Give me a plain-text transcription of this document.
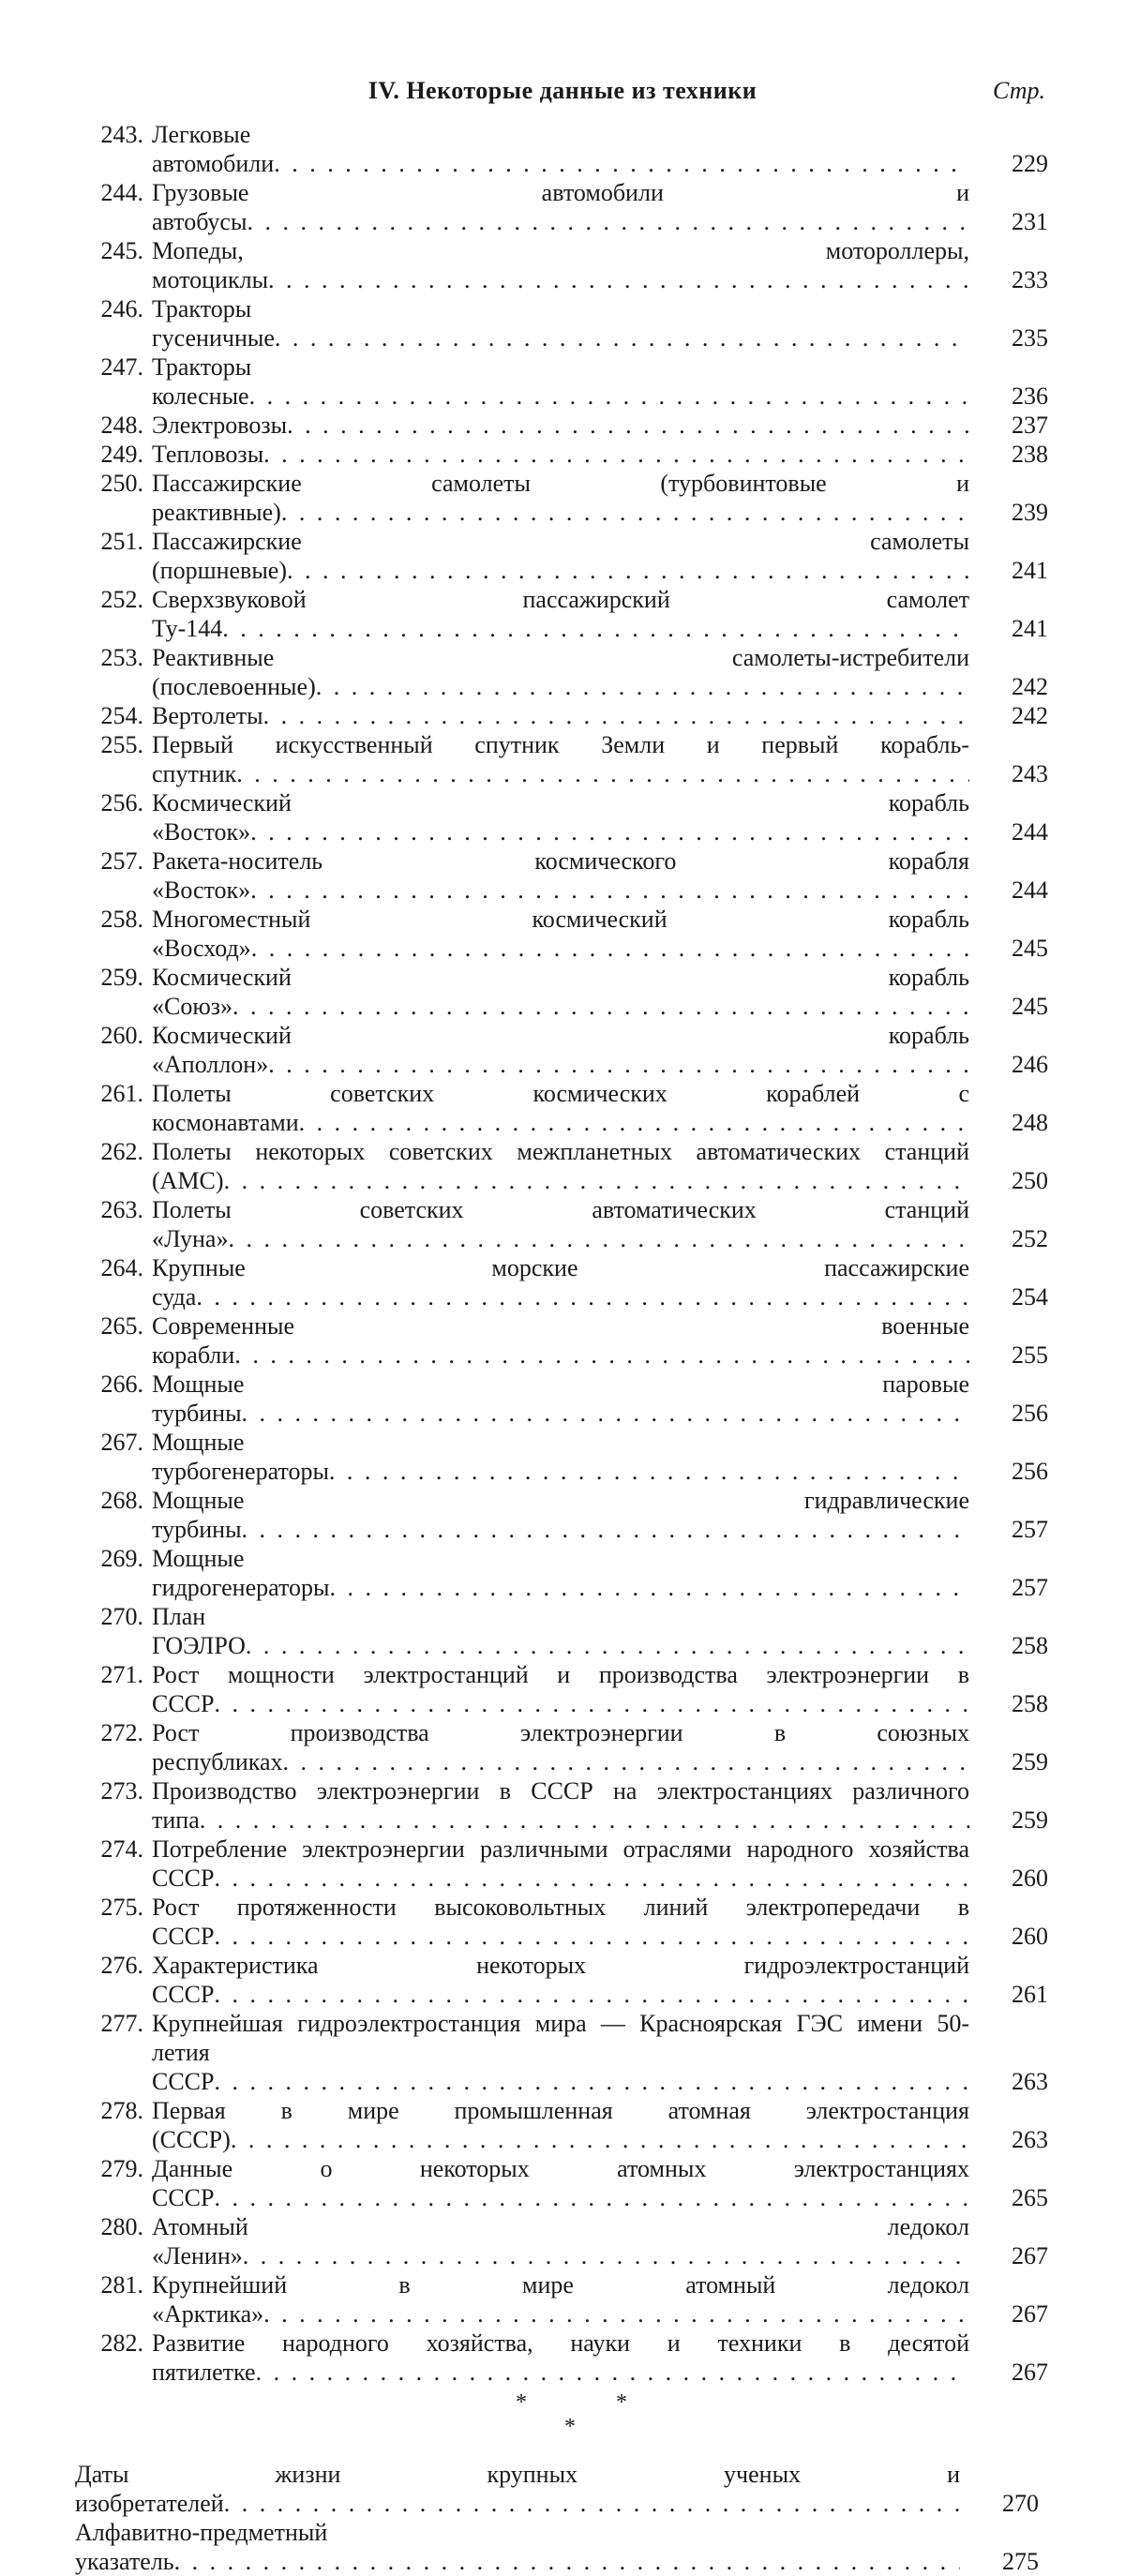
IV. Некоторые данные из техники	Стр.
243. Легковые автомобили . . .	229
244. Грузовые автомобили и автобусы . . .	231
245. Мопеды, мотороллеры, мотоциклы . . .	233
246. Тракторы гусеничные . . .	235
247. Тракторы колесные . . .	236
248. Электровозы . . .	237
249. Тепловозы . . .	238
250. Пассажирские самолеты (турбовинтовые и реактивные) . . .	239
251. Пассажирские самолеты (поршневые) . . .	241
252. Сверхзвуковой пассажирский самолет Ту-144 . . .	241
253. Реактивные самолеты-истребители (послевоенные) . . .	242
254. Вертолеты . . .	242
255. Первый искусственный спутник Земли и первый корабль-спутник . . .	243
256. Космический корабль «Восток» . . .	244
257. Ракета-носитель космического корабля «Восток» . . .	244
258. Многоместный космический корабль «Восход» . . .	245
259. Космический корабль «Союз» . . .	245
260. Космический корабль «Аполлон» . . .	246
261. Полеты советских космических кораблей с космонавтами . . .	248
262. Полеты некоторых советских межпланетных автоматических станций (АМС) . . .	250
263. Полеты советских автоматических станций «Луна» . . .	252
264. Крупные морские пассажирские суда . . .	254
265. Современные военные корабли . . .	255
266. Мощные паровые турбины . . .	256
267. Мощные турбогенераторы . . .	256
268. Мощные гидравлические турбины . . .	257
269. Мощные гидрогенераторы . . .	257
270. План ГОЭЛРО . . .	258
271. Рост мощности электростанций и производства электроэнергии в СССР . . .	258
272. Рост производства электроэнергии в союзных республиках . . .	259
273. Производство электроэнергии в СССР на электростанциях различного типа . . .	259
274. Потребление электроэнергии различными отраслями народного хозяйства СССР . . .	260
275. Рост протяженности высоковольтных линий электропередачи в СССР . . .	260
276. Характеристика некоторых гидроэлектростанций СССР . . .	261
277. Крупнейшая гидроэлектростанция мира — Красноярская ГЭС имени 50-летия СССР . . .	263
278. Первая в мире промышленная атомная электростанция (СССР) . . .	263
279. Данные о некоторых атомных электростанциях СССР . . .	265
280. Атомный ледокол «Ленин» . . .	267
281. Крупнейший в мире атомный ледокол «Арктика» . . .	267
282. Развитие народного хозяйства, науки и техники в десятой пятилетке . . .	267
*	*
*
Даты жизни крупных ученых и изобретателей . . .	270
Алфавитно-предметный указатель . . .	275
